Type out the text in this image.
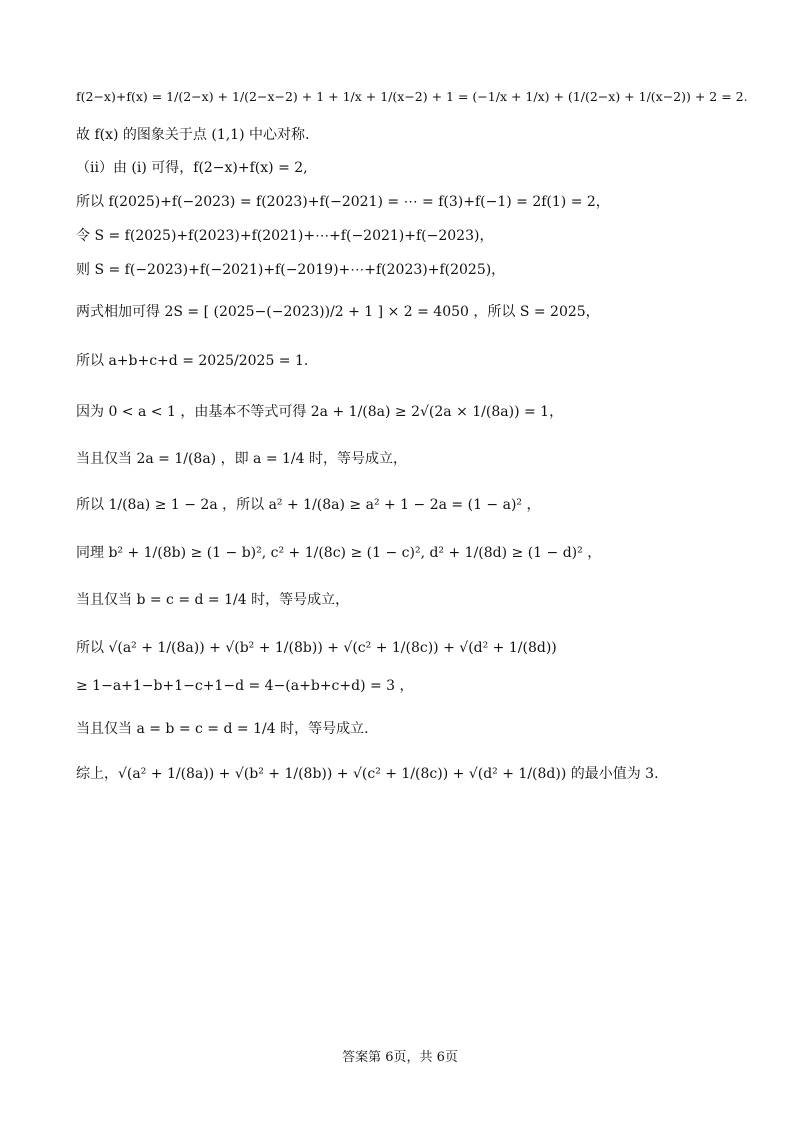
f(2−x)+f(x) = 1/(2−x) + 1/(2−x−2) + 1 + 1/x + 1/(x−2) + 1 = (−1/x + 1/x) + (1/(2−x) + 1/(x−2)) + 2 = 2.
故 f(x) 的图象关于点 (1,1) 中心对称.
（ii）由 (i) 可得，f(2−x)+f(x) = 2,
所以 f(2025)+f(−2023) = f(2023)+f(−2021) = ⋯ = f(3)+f(−1) = 2f(1) = 2，
令 S = f(2025)+f(2023)+f(2021)+⋯+f(−2021)+f(−2023)，
则 S = f(−2023)+f(−2021)+f(−2019)+⋯+f(2023)+f(2025)，
两式相加可得 2S = [ (2025−(−2023))/2 + 1 ] × 2 = 4050 ，所以 S = 2025，
所以 a+b+c+d = 2025/2025 = 1.
因为 0 < a < 1 ，由基本不等式可得 2a + 1/(8a) ≥ 2√(2a × 1/(8a)) = 1，
当且仅当 2a = 1/(8a) ，即 a = 1/4 时，等号成立，
所以 1/(8a) ≥ 1 − 2a ，所以 a² + 1/(8a) ≥ a² + 1 − 2a = (1 − a)² ，
同理 b² + 1/(8b) ≥ (1 − b)², c² + 1/(8c) ≥ (1 − c)², d² + 1/(8d) ≥ (1 − d)² ，
当且仅当 b = c = d = 1/4 时，等号成立，
所以 √(a² + 1/(8a)) + √(b² + 1/(8b)) + √(c² + 1/(8c)) + √(d² + 1/(8d))
≥ 1−a+1−b+1−c+1−d = 4−(a+b+c+d) = 3 ，
当且仅当 a = b = c = d = 1/4 时，等号成立.
综上，√(a² + 1/(8a)) + √(b² + 1/(8b)) + √(c² + 1/(8c)) + √(d² + 1/(8d)) 的最小值为 3.
答案第 6页，共 6页
